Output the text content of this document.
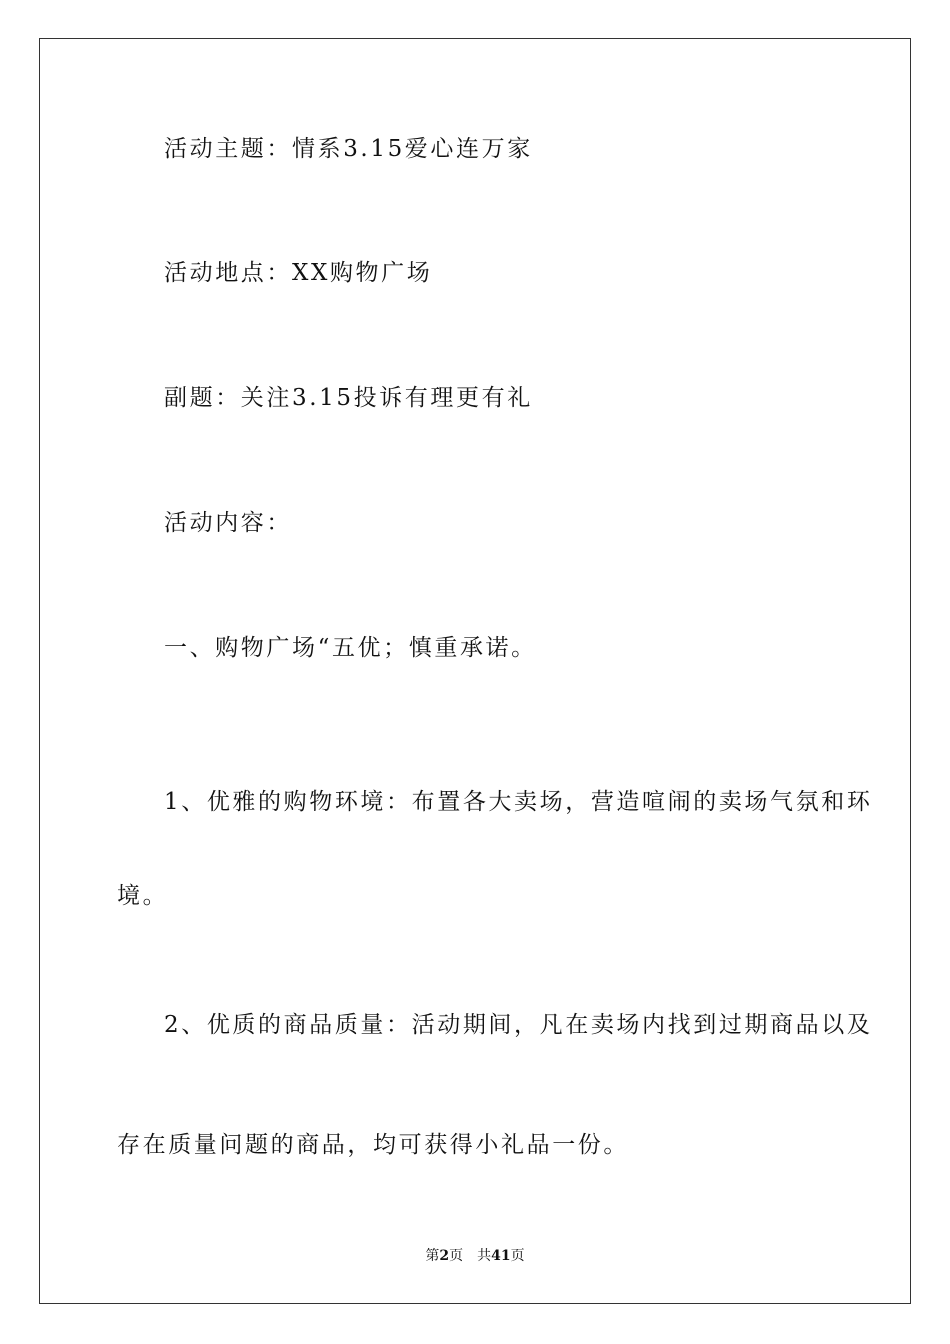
活动主题：情系3.15爱心连万家
活动地点：XX购物广场
副题：关注3.15投诉有理更有礼
活动内容：
一、购物广场“五优；慎重承诺。
1、优雅的购物环境：布置各大卖场，营造喧闹的卖场气氛和环
境。
2、优质的商品质量：活动期间，凡在卖场内找到过期商品以及
存在质量问题的商品，均可获得小礼品一份。
第2页 共41页
